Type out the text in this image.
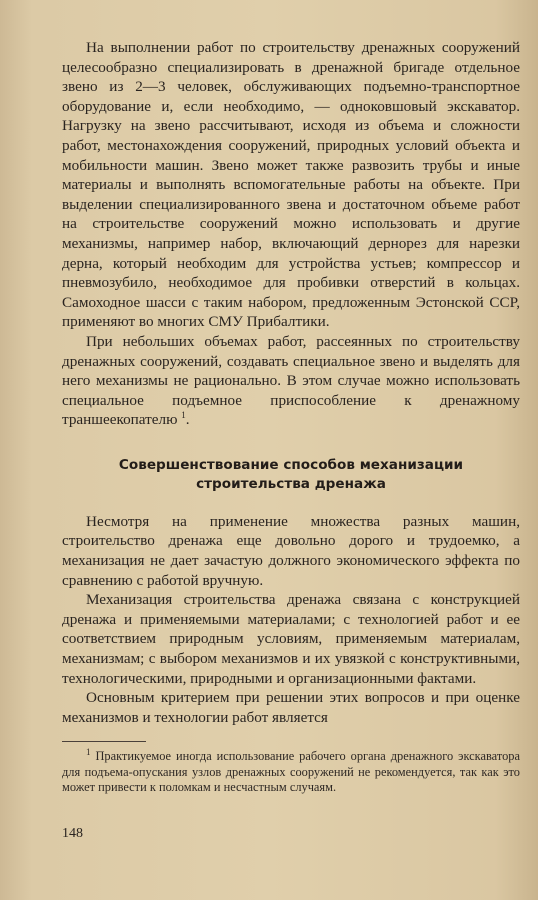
На выполнении работ по строительству дренажных сооружений целесообразно специализировать в дренажной бригаде отдельное звено из 2—3 человек, обслуживающих подъемно-транспортное оборудование и, если необходимо, — одноковшовый экскаватор. Нагрузку на звено рассчитывают, исходя из объема и сложности работ, местонахождения сооружений, природных условий объекта и мобильности машин. Звено может также развозить трубы и иные материалы и выполнять вспомогательные работы на объекте. При выделении специализированного звена и достаточном объеме работ на строительстве сооружений можно использовать и другие механизмы, например набор, включающий дернорез для нарезки дерна, который необходим для устройства устьев; компрессор и пневмозубило, необходимое для пробивки отверстий в кольцах. Самоходное шасси с таким набором, предложенным Эстонской ССР, применяют во многих СМУ Прибалтики.

При небольших объемах работ, рассеянных по строительству дренажных сооружений, создавать специальное звено и выделять для него механизмы не рационально. В этом случае можно использовать специальное подъемное приспособление к дренажному траншеекопателю $^1$.

Совершенствование способов механизации
строительства дренажа

Несмотря на применение множества разных машин, строительство дренажа еще довольно дорого и трудоемко, а механизация не дает зачастую должного экономического эффекта по сравнению с работой вручную.

Механизация строительства дренажа связана с конструкцией дренажа и применяемыми материалами; с технологией работ и ее соответствием природным условиям, применяемым материалам, механизмам; с выбором механизмов и их увязкой с конструктивными, технологическими, природными и организационными фактами.

Основным критерием при решении этих вопросов и при оценке механизмов и технологии работ является

$^1$ Практикуемое иногда использование рабочего органа дренажного экскаватора для подъема-опускания узлов дренажных сооружений не рекомендуется, так как это может привести к поломкам и несчастным случаям.

148
